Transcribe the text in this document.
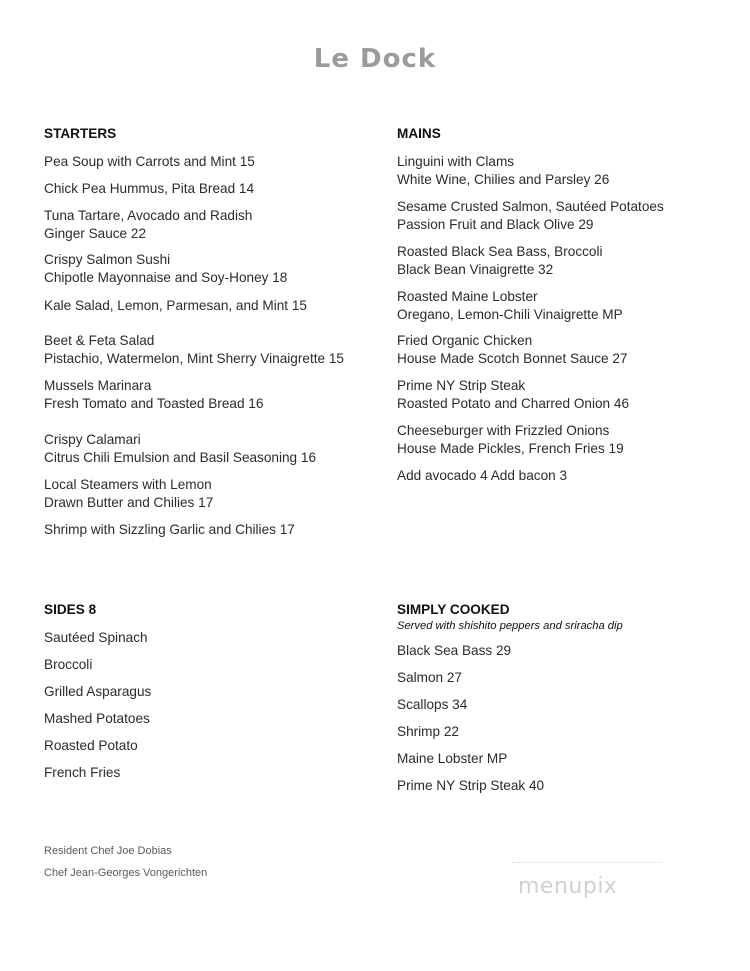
Le Dock
STARTERS
Pea Soup with Carrots and Mint 15
Chick Pea Hummus, Pita Bread 14
Tuna Tartare, Avocado and Radish
Ginger Sauce 22
Crispy Salmon Sushi
Chipotle Mayonnaise and Soy-Honey 18
Kale Salad, Lemon, Parmesan, and Mint 15
Beet & Feta Salad
Pistachio, Watermelon, Mint Sherry Vinaigrette 15
Mussels Marinara
Fresh Tomato and Toasted Bread 16
Crispy Calamari
Citrus Chili Emulsion and Basil Seasoning 16
Local Steamers with Lemon
Drawn Butter and Chilies 17
Shrimp with Sizzling Garlic and Chilies 17
MAINS
Linguini with Clams
White Wine, Chilies and Parsley 26
Sesame Crusted Salmon, Sautéed Potatoes
Passion Fruit and Black Olive 29
Roasted Black Sea Bass, Broccoli
Black Bean Vinaigrette 32
Roasted Maine Lobster
Oregano, Lemon-Chili Vinaigrette MP
Fried Organic Chicken
House Made Scotch Bonnet Sauce 27
Prime NY Strip Steak
Roasted Potato and Charred Onion 46
Cheeseburger with Frizzled Onions
House Made Pickles, French Fries 19
Add avocado 4 Add bacon 3
SIDES 8
Sautéed Spinach
Broccoli
Grilled Asparagus
Mashed Potatoes
Roasted Potato
French Fries
SIMPLY COOKED
Served with shishito peppers and sriracha dip
Black Sea Bass 29
Salmon 27
Scallops 34
Shrimp 22
Maine Lobster MP
Prime NY Strip Steak 40
Resident Chef Joe Dobias
Chef Jean-Georges Vongerichten
menupix
